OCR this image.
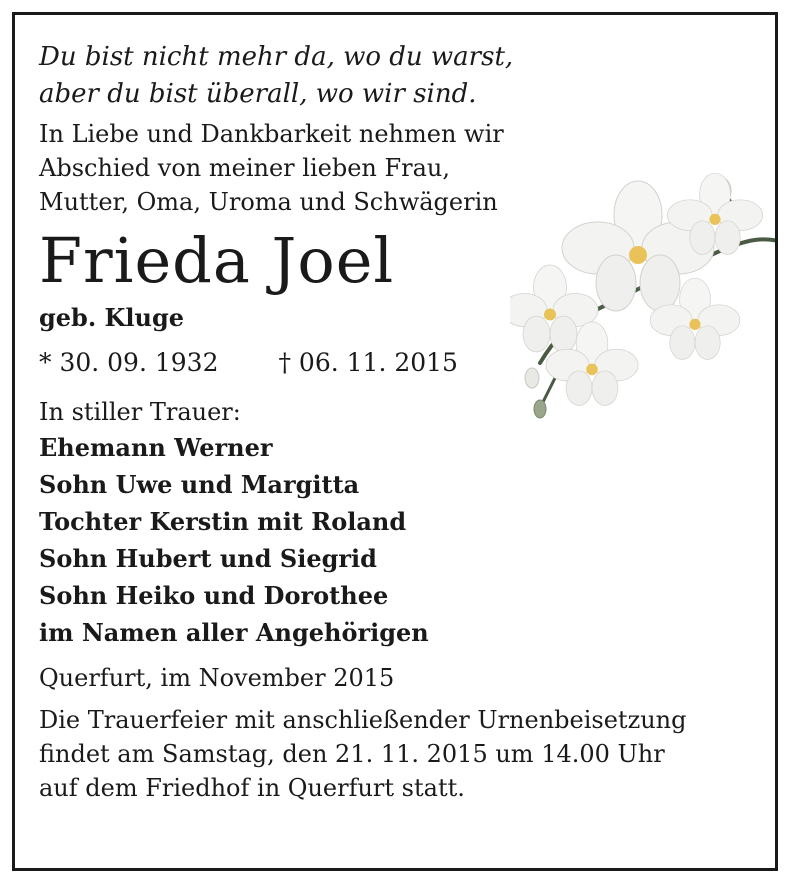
Du bist nicht mehr da, wo du warst,
aber du bist überall, wo wir sind.
In Liebe und Dankbarkeit nehmen wir
Abschied von meiner lieben Frau,
Mutter, Oma, Uroma und Schwägerin
Frieda Joel
geb. Kluge
* 30. 09. 1932 † 06. 11. 2015
In stiller Trauer:
Ehemann Werner
Sohn Uwe und Margitta
Tochter Kerstin mit Roland
Sohn Hubert und Siegrid
Sohn Heiko und Dorothee
im Namen aller Angehörigen
Querfurt, im November 2015
Die Trauerfeier mit anschließender Urnenbeisetzung
findet am Samstag, den 21. 11. 2015 um 14.00 Uhr
auf dem Friedhof in Querfurt statt.
